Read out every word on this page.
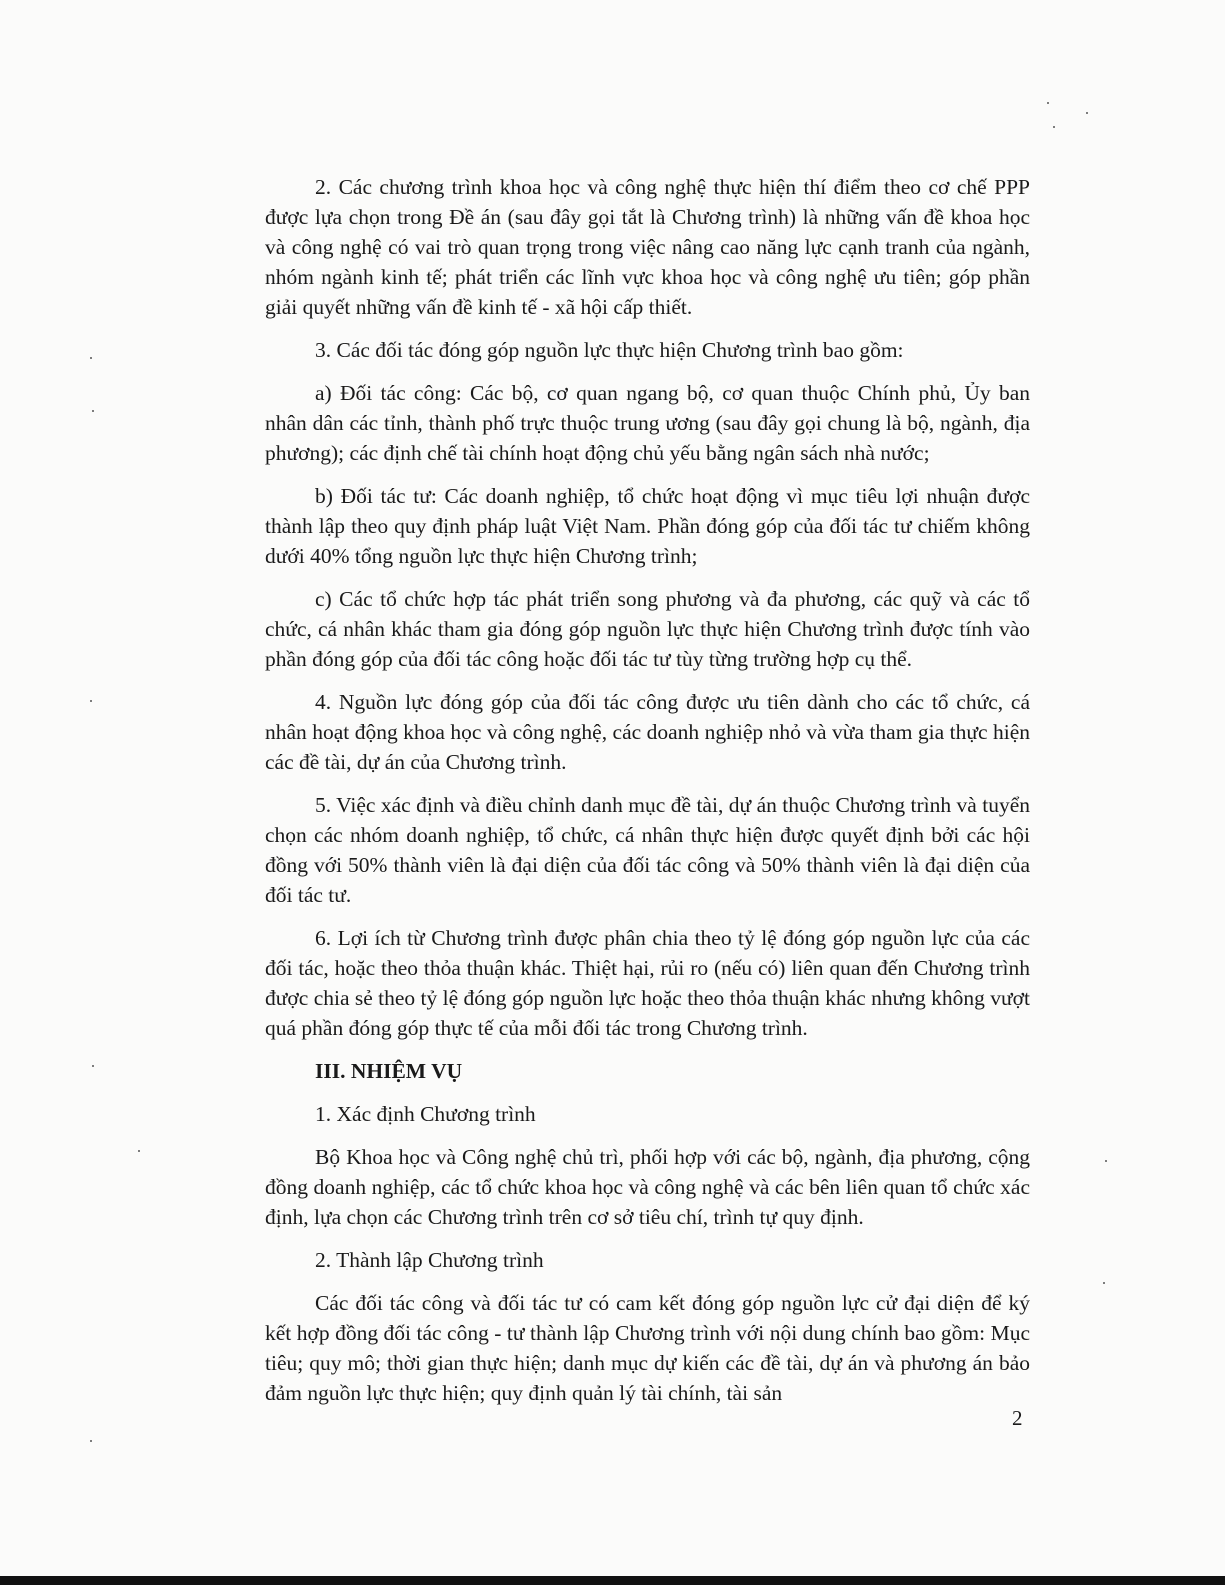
2. Các chương trình khoa học và công nghệ thực hiện thí điểm theo cơ chế PPP được lựa chọn trong Đề án (sau đây gọi tắt là Chương trình) là những vấn đề khoa học và công nghệ có vai trò quan trọng trong việc nâng cao năng lực cạnh tranh của ngành, nhóm ngành kinh tế; phát triển các lĩnh vực khoa học và công nghệ ưu tiên; góp phần giải quyết những vấn đề kinh tế - xã hội cấp thiết.

3. Các đối tác đóng góp nguồn lực thực hiện Chương trình bao gồm:

a) Đối tác công: Các bộ, cơ quan ngang bộ, cơ quan thuộc Chính phủ, Ủy ban nhân dân các tỉnh, thành phố trực thuộc trung ương (sau đây gọi chung là bộ, ngành, địa phương); các định chế tài chính hoạt động chủ yếu bằng ngân sách nhà nước;

b) Đối tác tư: Các doanh nghiệp, tổ chức hoạt động vì mục tiêu lợi nhuận được thành lập theo quy định pháp luật Việt Nam. Phần đóng góp của đối tác tư chiếm không dưới 40% tổng nguồn lực thực hiện Chương trình;

c) Các tổ chức hợp tác phát triển song phương và đa phương, các quỹ và các tổ chức, cá nhân khác tham gia đóng góp nguồn lực thực hiện Chương trình được tính vào phần đóng góp của đối tác công hoặc đối tác tư tùy từng trường hợp cụ thể.

4. Nguồn lực đóng góp của đối tác công được ưu tiên dành cho các tổ chức, cá nhân hoạt động khoa học và công nghệ, các doanh nghiệp nhỏ và vừa tham gia thực hiện các đề tài, dự án của Chương trình.

5. Việc xác định và điều chỉnh danh mục đề tài, dự án thuộc Chương trình và tuyển chọn các nhóm doanh nghiệp, tổ chức, cá nhân thực hiện được quyết định bởi các hội đồng với 50% thành viên là đại diện của đối tác công và 50% thành viên là đại diện của đối tác tư.

6. Lợi ích từ Chương trình được phân chia theo tỷ lệ đóng góp nguồn lực của các đối tác, hoặc theo thỏa thuận khác. Thiệt hại, rủi ro (nếu có) liên quan đến Chương trình được chia sẻ theo tỷ lệ đóng góp nguồn lực hoặc theo thỏa thuận khác nhưng không vượt quá phần đóng góp thực tế của mỗi đối tác trong Chương trình.

III. NHIỆM VỤ

1. Xác định Chương trình

Bộ Khoa học và Công nghệ chủ trì, phối hợp với các bộ, ngành, địa phương, cộng đồng doanh nghiệp, các tổ chức khoa học và công nghệ và các bên liên quan tổ chức xác định, lựa chọn các Chương trình trên cơ sở tiêu chí, trình tự quy định.

2. Thành lập Chương trình

Các đối tác công và đối tác tư có cam kết đóng góp nguồn lực cử đại diện để ký kết hợp đồng đối tác công - tư thành lập Chương trình với nội dung chính bao gồm: Mục tiêu; quy mô; thời gian thực hiện; danh mục dự kiến các đề tài, dự án và phương án bảo đảm nguồn lực thực hiện; quy định quản lý tài chính, tài sản

2
